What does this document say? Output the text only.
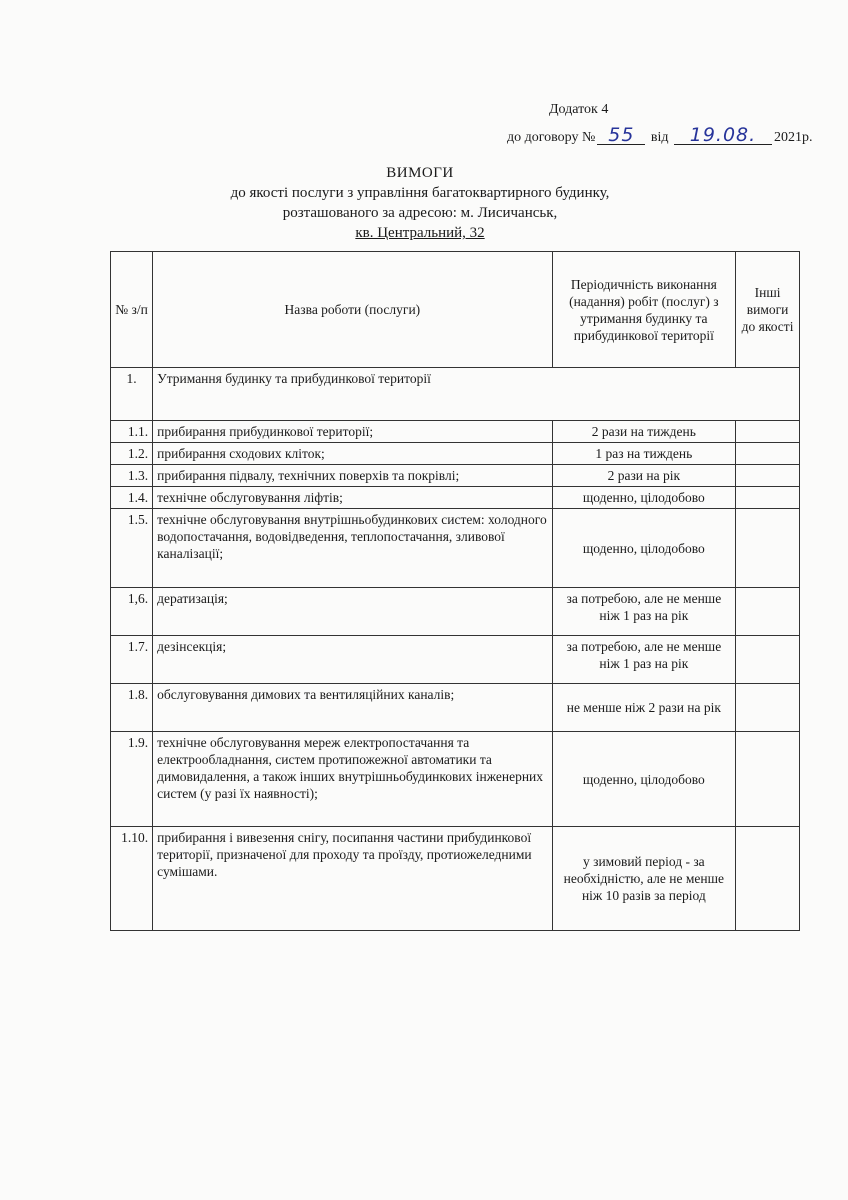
Додаток 4
до договору № 55 від 19.08. 2021р.
ВИМОГИ
до якості послуги з управління багатоквартирного будинку,
розташованого за адресою: м. Лисичанськ,
кв. Центральний, 32
№ з/п	Назва роботи (послуги)	Періодичність виконання (надання) робіт (послуг) з утримання будинку та прибудинкової території	Інші вимоги до якості
1.	Утримання будинку та прибудинкової території		
1.1.	прибирання прибудинкової території;	2 рази на тиждень	
1.2.	прибирання сходових кліток;	1 раз на тиждень	
1.3.	прибирання підвалу, технічних поверхів та покрівлі;	2 рази на рік	
1.4.	технічне обслуговування ліфтів;	щоденно, цілодобово	
1.5.	технічне обслуговування внутрішньобудинкових систем: холодного водопостачання, водовідведення, теплопостачання, зливової каналізації;	щоденно, цілодобово	
1,6.	дератизація;	за потребою, але не менше ніж 1 раз на рік	
1.7.	дезінсекція;	за потребою, але не менше ніж 1 раз на рік	
1.8.	обслуговування димових та вентиляційних каналів;	не менше ніж 2 рази на рік	
1.9.	технічне обслуговування мереж електропостачання та електрообладнання, систем протипожежної автоматики та димовидалення, а також інших внутрішньобудинкових інженерних систем (у разі їх наявності);	щоденно, цілодобово	
1.10.	прибирання і вивезення снігу, посипання частини прибудинкової території, призначеної для проходу та проїзду, протиожеледними сумішами.	у зимовий період - за необхідністю, але не менше ніж 10 разів за період	
